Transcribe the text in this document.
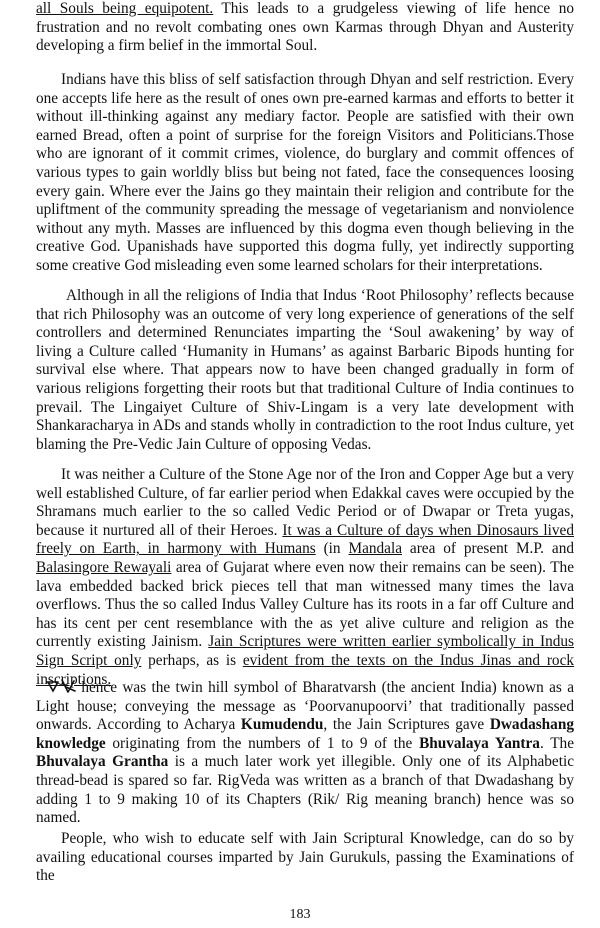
all Souls being equipotent. This leads to a grudgeless viewing of life hence no frustration and no revolt combating ones own Karmas through Dhyan and Austerity developing a firm belief in the immortal Soul.

Indians have this bliss of self satisfaction through Dhyan and self restriction. Every one accepts life here as the result of ones own pre-earned karmas and efforts to better it without ill-thinking against any mediary factor. People are satisfied with their own earned Bread, often a point of surprise for the foreign Visitors and Politicians.Those who are ignorant of it commit crimes, violence, do burglary and commit offences of various types to gain worldly bliss but being not fated, face the consequences loosing every gain. Where ever the Jains go they maintain their religion and contribute for the upliftment of the community spreading the message of vegetarianism and nonviolence without any myth. Masses are influenced by this dogma even though believing in the creative God. Upanishads have supported this dogma fully, yet indirectly supporting some creative God misleading even some learned scholars for their interpretations.

Although in all the religions of India that Indus ‘Root Philosophy’ reflects because that rich Philosophy was an outcome of very long experience of generations of the self controllers and determined Renunciates imparting the ‘Soul awakening’ by way of living a Culture called ‘Humanity in Humans’ as against Barbaric Bipods hunting for survival else where. That appears now to have been changed gradually in form of various religions forgetting their roots but that traditional Culture of India continues to prevail. The Lingaiyet Culture of Shiv-Lingam is a very late development with Shankaracharya in ADs and stands wholly in contradiction to the root Indus culture, yet blaming the Pre-Vedic Jain Culture of opposing Vedas.

It was neither a Culture of the Stone Age nor of the Iron and Copper Age but a very well established Culture, of far earlier period when Edakkal caves were occupied by the Shramans much earlier to the so called Vedic Period or of Dwapar or Treta yugas, because it nurtured all of their Heroes. It was a Culture of days when Dinosaurs lived freely on Earth, in harmony with Humans (in Mandala area of present M.P. and Balasingore Rewayali area of Gujarat where even now their remains can be seen). The lava embedded backed brick pieces tell that man witnessed many times the lava overflows. Thus the so called Indus Valley Culture has its roots in a far off Culture and has its cent per cent resemblance with the as yet alive culture and religion as the currently existing Jainism. Jain Scriptures were written earlier symbolically in Indus Sign Script only perhaps, as is evident from the texts on the Indus Jinas and rock inscriptions.

hence was the twin hill symbol of Bharatvarsh (the ancient India) known as a Light house; conveying the message as ‘Poorvanupoorvi’ that traditionally passed onwards. According to Acharya Kumudendu, the Jain Scriptures gave Dwadashang knowledge originating from the numbers of 1 to 9 of the Bhuvalaya Yantra. The Bhuvalaya Grantha is a much later work yet illegible. Only one of its Alphabetic thread-bead is spared so far. RigVeda was written as a branch of that Dwadashang by adding 1 to 9 making 10 of its Chapters (Rik/ Rig meaning branch) hence was so named.

People, who wish to educate self with Jain Scriptural Knowledge, can do so by availing educational courses imparted by Jain Gurukuls, passing the Examinations of the

183
